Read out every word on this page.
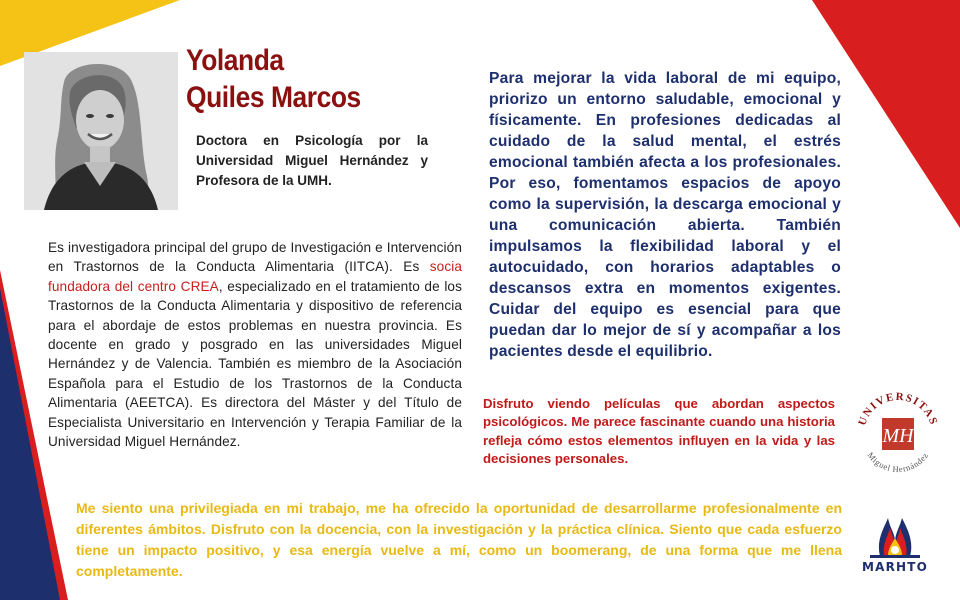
Yolanda
Quiles Marcos
Doctora en Psicología por la Universidad Miguel Hernández y Profesora de la UMH.
Es investigadora principal del grupo de Investigación e Intervención en Trastornos de la Conducta Alimentaria (IITCA). Es socia fundadora del centro CREA, especializado en el tratamiento de los Trastornos de la Conducta Alimentaria y dispositivo de referencia para el abordaje de estos problemas en nuestra provincia. Es docente en grado y posgrado en las universidades Miguel Hernández y de Valencia. También es miembro de la Asociación Española para el Estudio de los Trastornos de la Conducta Alimentaria (AEETCA). Es directora del Máster y del Título de Especialista Universitario en Intervención y Terapia Familiar de la Universidad Miguel Hernández.
Para mejorar la vida laboral de mi equipo, priorizo un entorno saludable, emocional y físicamente. En profesiones dedicadas al cuidado de la salud mental, el estrés emocional también afecta a los profesionales. Por eso, fomentamos espacios de apoyo como la supervisión, la descarga emocional y una comunicación abierta. También impulsamos la flexibilidad laboral y el autocuidado, con horarios adaptables o descansos extra en momentos exigentes. Cuidar del equipo es esencial para que puedan dar lo mejor de sí y acompañar a los pacientes desde el equilibrio.
Disfruto viendo películas que abordan aspectos psicológicos. Me parece fascinante cuando una historia refleja cómo estos elementos influyen en la vida y las decisiones personales.
Me siento una privilegiada en mi trabajo, me ha ofrecido la oportunidad de desarrollarme profesionalmente en diferentes ámbitos. Disfruto con la docencia, con la investigación y la práctica clínica. Siento que cada esfuerzo tiene un impacto positivo, y esa energía vuelve a mí, como un boomerang, de una forma que me llena completamente.
UNIVERSITAS
Miguel Hernández
MH
MARHTO
